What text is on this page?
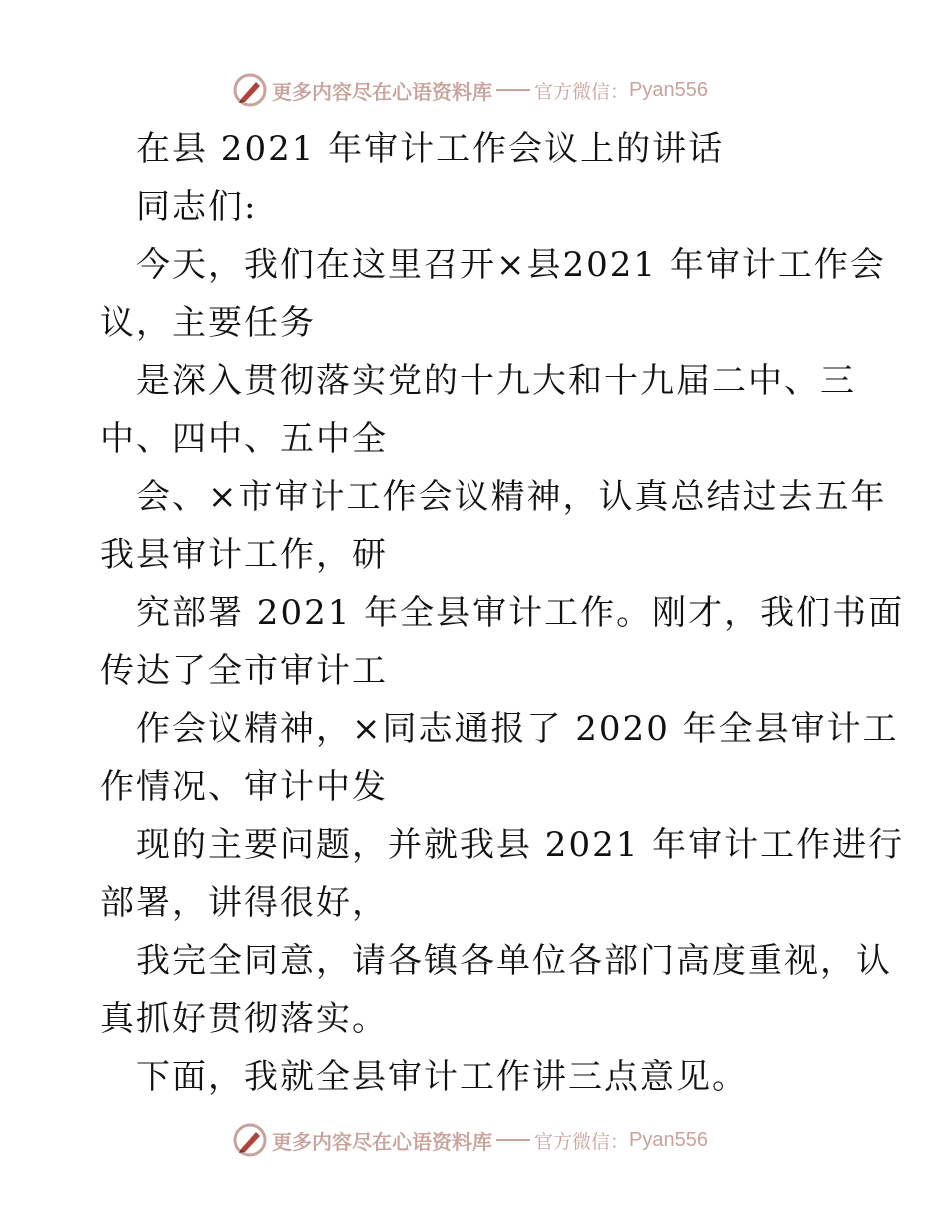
更多内容尽在心语资料库 官方微信： Pyan556
在县 2021 年审计工作会议上的讲话
同志们:
今天，我们在这里召开×县2021 年审计工作会
议，主要任务
是深入贯彻落实党的十九大和十九届二中、三
中、四中、五中全
会、×市审计工作会议精神，认真总结过去五年
我县审计工作，研
究部署 2021 年全县审计工作。刚才，我们书面
传达了全市审计工
作会议精神，×同志通报了 2020 年全县审计工
作情况、审计中发
现的主要问题，并就我县 2021 年审计工作进行
部署，讲得很好，
我完全同意，请各镇各单位各部门高度重视，认
真抓好贯彻落实。
下面，我就全县审计工作讲三点意见。
更多内容尽在心语资料库 官方微信： Pyan556
